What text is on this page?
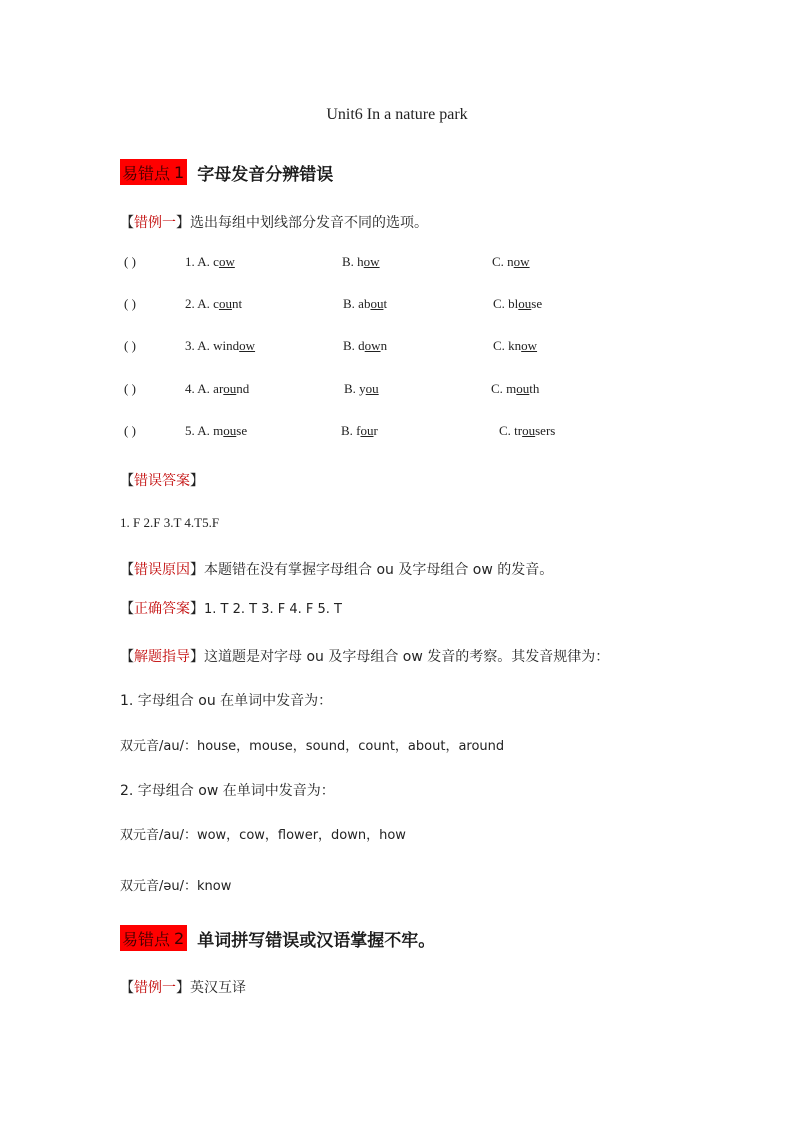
Unit6 In a nature park
易错点 1 字母发音分辨错误
【错例一】选出每组中划线部分发音不同的选项。
( )	1. A. cow	B. how	C. now
( )	2. A. count	B. about	C. blouse
( )	3. A. window	B. down	C. know
( )	4. A. around	B. you	C. mouth
( )	5. A. mouse	B. four	C. trousers
【错误答案】
1. F 2.F 3.T 4.T5.F
【错误原因】本题错在没有掌握字母组合 ou 及字母组合 ow 的发音。
【正确答案】1. T 2. T 3. F 4. F 5. T
【解题指导】这道题是对字母 ou 及字母组合 ow 发音的考察。其发音规律为：
1. 字母组合 ou 在单词中发音为：
双元音/au/：house，mouse，sound，count，about，around
2. 字母组合 ow 在单词中发音为：
双元音/au/：wow，cow，flower，down，how
双元音/əu/：know
易错点 2 单词拼写错误或汉语掌握不牢。
【错例一】英汉互译
